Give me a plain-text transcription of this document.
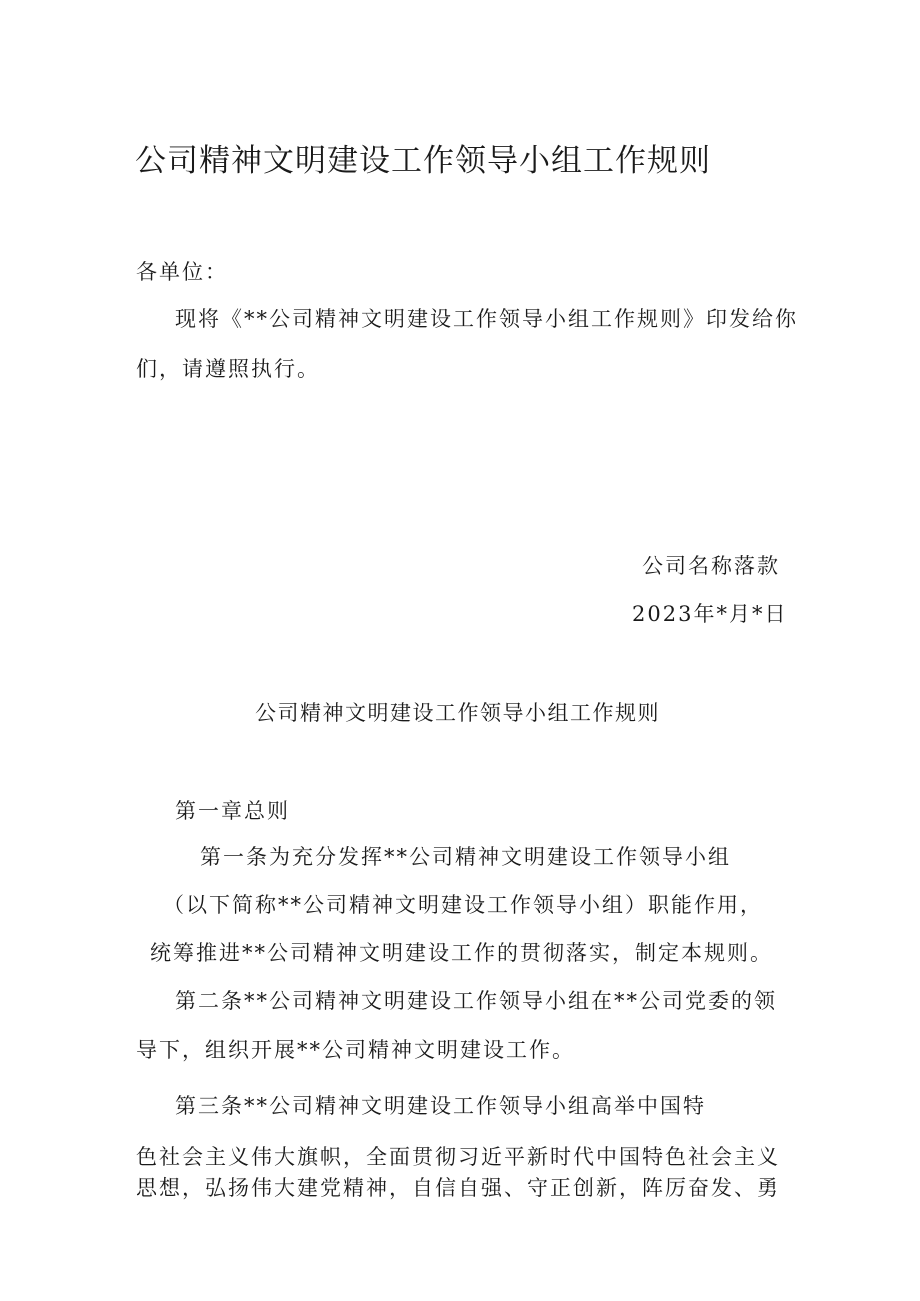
公司精神文明建设工作领导小组工作规则
各单位：
现将《**公司精神文明建设工作领导小组工作规则》印发给你
们，请遵照执行。
公司名称落款
2023年*月*日
公司精神文明建设工作领导小组工作规则
第一章总则
第一条为充分发挥**公司精神文明建设工作领导小组
（以下简称**公司精神文明建设工作领导小组）职能作用，
统筹推进**公司精神文明建设工作的贯彻落实，制定本规则。
第二条**公司精神文明建设工作领导小组在**公司党委的领
导下，组织开展**公司精神文明建设工作。
第三条**公司精神文明建设工作领导小组高举中国特
色社会主义伟大旗帜，全面贯彻习近平新时代中国特色社会主义
思想，弘扬伟大建党精神，自信自强、守正创新，阵厉奋发、勇
